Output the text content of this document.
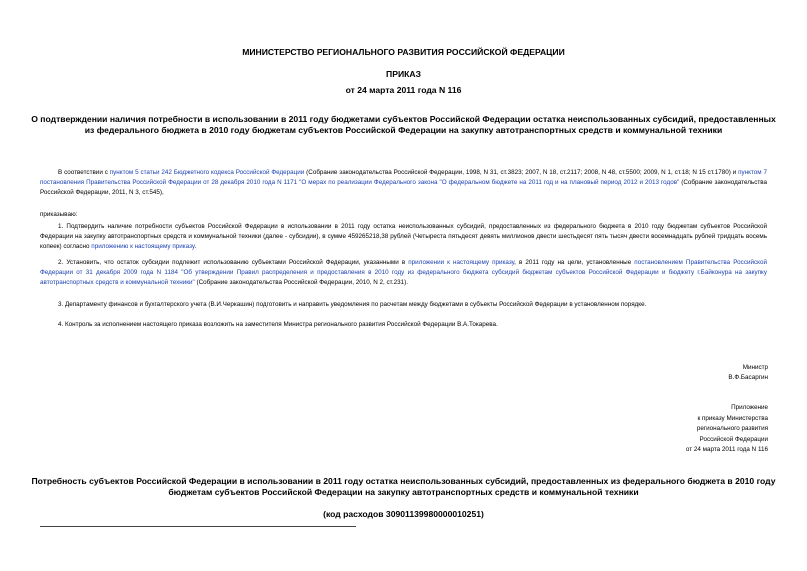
МИНИСТЕРСТВО РЕГИОНАЛЬНОГО РАЗВИТИЯ РОССИЙСКОЙ ФЕДЕРАЦИИ
ПРИКАЗ
от 24 марта 2011 года N 116
О подтверждении наличия потребности в использовании в 2011 году бюджетами субъектов Российской Федерации остатка неиспользованных субсидий, предоставленных из федерального бюджета в 2010 году бюджетам субъектов Российской Федерации на закупку автотранспортных средств и коммунальной техники
В соответствии с пунктом 5 статьи 242 Бюджетного кодекса Российской Федерации (Собрание законодательства Российской Федерации, 1998, N 31, ст.3823; 2007, N 18, ст.2117; 2008, N 48, ст.5500; 2009, N 1, ст.18; N 15 ст.1780) и пунктом 7 постановления Правительства Российской Федерации от 28 декабря 2010 года N 1171 "О мерах по реализации Федерального закона "О федеральном бюджете на 2011 год и на плановый период 2012 и 2013 годов" (Собрание законодательства Российской Федерации, 2011, N 3, ст.545),
приказываю:
1. Подтвердить наличие потребности субъектов Российской Федерации в использовании в 2011 году остатка неиспользованных субсидий, предоставленных из федерального бюджета в 2010 году бюджетам субъектов Российской Федерации на закупку автотранспортных средств и коммунальной техники (далее - субсидии), в сумме 459265218,38 рублей (Четыреста пятьдесят девять миллионов двести шестьдесят пять тысяч двести восемнадцать рублей тридцать восемь копеек) согласно приложению к настоящему приказу.
2. Установить, что остаток субсидии подлежит использованию субъектами Российской Федерации, указанными в приложении к настоящему приказу, в 2011 году на цели, установленные постановлением Правительства Российской Федерации от 31 декабря 2009 года N 1184 "Об утверждении Правил распределения и предоставления в 2010 году из федерального бюджета субсидий бюджетам субъектов Российской Федерации и бюджету г.Байконура на закупку автотранспортных средств и коммунальной техники" (Собрание законодательства Российской Федерации, 2010, N 2, ст.231).
3. Департаменту финансов и бухгалтерского учета (В.И.Черкашин) подготовить и направить уведомления по расчетам между бюджетами в субъекты Российской Федерации в установленном порядке.
4. Контроль за исполнением настоящего приказа возложить на заместителя Министра регионального развития Российской Федерации В.А.Токарева.
Министр
В.Ф.Басаргин
Приложение
к приказу Министерства
регионального развития
Российской Федерации
от 24 марта 2011 года N 116
Потребность субъектов Российской Федерации в использовании в 2011 году остатка неиспользованных субсидий, предоставленных из федерального бюджета в 2010 году бюджетам субъектов Российской Федерации на закупку автотранспортных средств и коммунальной техники
(код расходов 30901139980000010251)
